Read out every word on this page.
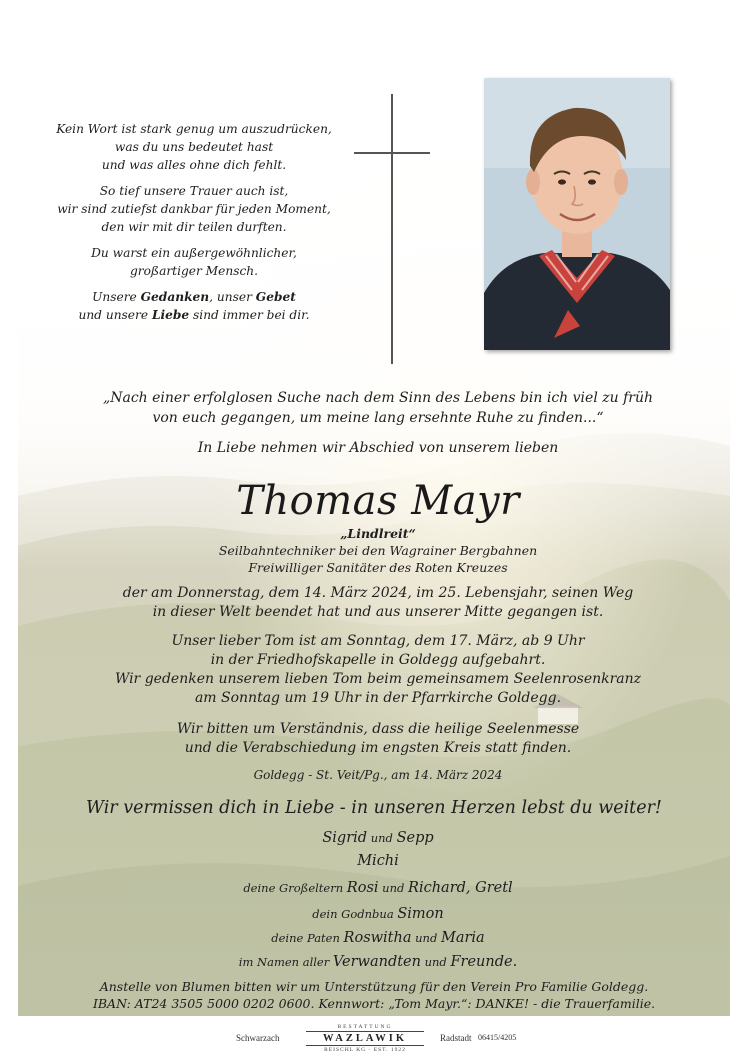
Kein Wort ist stark genug um auszudrücken,
was du uns bedeutet hast
und was alles ohne dich fehlt.

So tief unsere Trauer auch ist,
wir sind zutiefst dankbar für jeden Moment,
den wir mit dir teilen durften.

Du warst ein außergewöhnlicher,
großartiger Mensch.

Unsere Gedanken, unser Gebet
und unsere Liebe sind immer bei dir.

„Nach einer erfolglosen Suche nach dem Sinn des Lebens bin ich viel zu früh
von euch gegangen, um meine lang ersehnte Ruhe zu finden...“
In Liebe nehmen wir Abschied von unserem lieben
Thomas Mayr
„Lindlreit“
Seilbahntechniker bei den Wagrainer Bergbahnen
Freiwilliger Sanitäter des Roten Kreuzes
der am Donnerstag, dem 14. März 2024, im 25. Lebensjahr, seinen Weg
in dieser Welt beendet hat und aus unserer Mitte gegangen ist.
Unser lieber Tom ist am Sonntag, dem 17. März, ab 9 Uhr
in der Friedhofskapelle in Goldegg aufgebahrt.
Wir gedenken unserem lieben Tom beim gemeinsamem Seelenrosenkranz
am Sonntag um 19 Uhr in der Pfarrkirche Goldegg.
Wir bitten um Verständnis, dass die heilige Seelenmesse
und die Verabschiedung im engsten Kreis statt finden.
Goldegg - St. Veit/Pg., am 14. März 2024
Wir vermissen dich in Liebe - in unseren Herzen lebst du weiter!
Sigrid und Sepp
Michi
deine Großeltern Rosi und Richard, Gretl
dein Godnbua Simon
deine Paten Roswitha und Maria
im Namen aller Verwandten und Freunde.
Anstelle von Blumen bitten wir um Unterstützung für den Verein Pro Familie Goldegg.
IBAN: AT24 3505 5000 0202 0600. Kennwort: „Tom Mayr.“: DANKE! - die Trauerfamilie.
Schwarzach
BESTATTUNG
WAZLAWIK
REISCHL KG · EST. 1922
Radstadt 06415/4205
